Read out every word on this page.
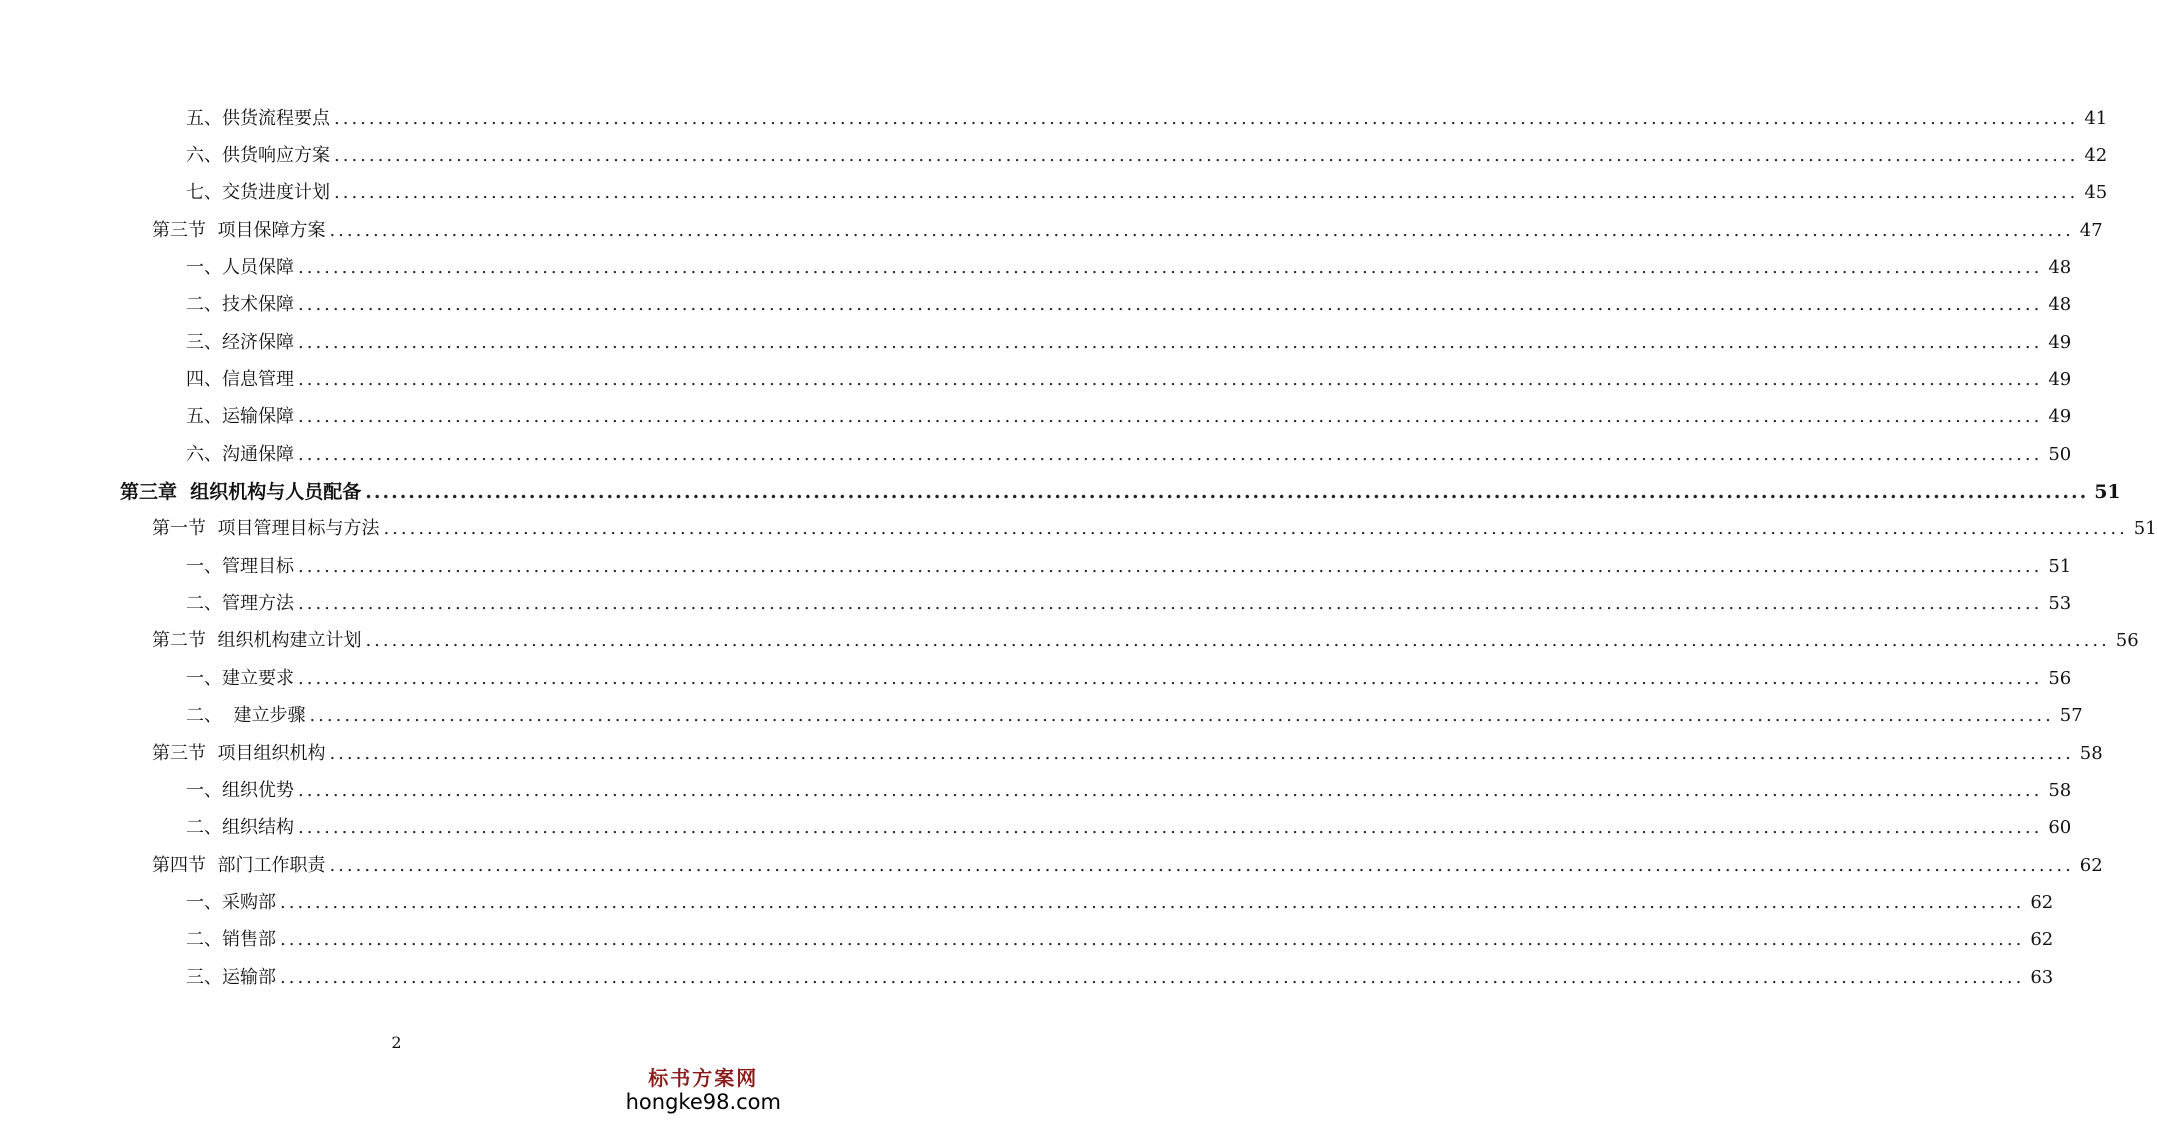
五、供货流程要点 ........................................................................................................................................................................................................ 41
六、供货响应方案 ........................................................................................................................................................................................................ 42
七、交货进度计划 ........................................................................................................................................................................................................ 45
第三节  项目保障方案 ........................................................................................................................................................................................................ 47
一、人员保障 ........................................................................................................................................................................................................ 48
二、技术保障 ........................................................................................................................................................................................................ 48
三、经济保障 ........................................................................................................................................................................................................ 49
四、信息管理 ........................................................................................................................................................................................................ 49
五、运输保障 ........................................................................................................................................................................................................ 49
六、沟通保障 ........................................................................................................................................................................................................ 50
第三章  组织机构与人员配备 ........................................................................................................................................................................................................ 51
第一节  项目管理目标与方法 ........................................................................................................................................................................................................ 51
一、管理目标 ........................................................................................................................................................................................................ 51
二、管理方法 ........................................................................................................................................................................................................ 53
第二节  组织机构建立计划 ........................................................................................................................................................................................................ 56
一、建立要求 ........................................................................................................................................................................................................ 56
二、  建立步骤 ........................................................................................................................................................................................................ 57
第三节  项目组织机构 ........................................................................................................................................................................................................ 58
一、组织优势 ........................................................................................................................................................................................................ 58
二、组织结构 ........................................................................................................................................................................................................ 60
第四节  部门工作职责 ........................................................................................................................................................................................................ 62
一、采购部 ........................................................................................................................................................................................................ 62
二、销售部 ........................................................................................................................................................................................................ 62
三、运输部 ........................................................................................................................................................................................................ 63
2
标书方案网
hongke98.com
